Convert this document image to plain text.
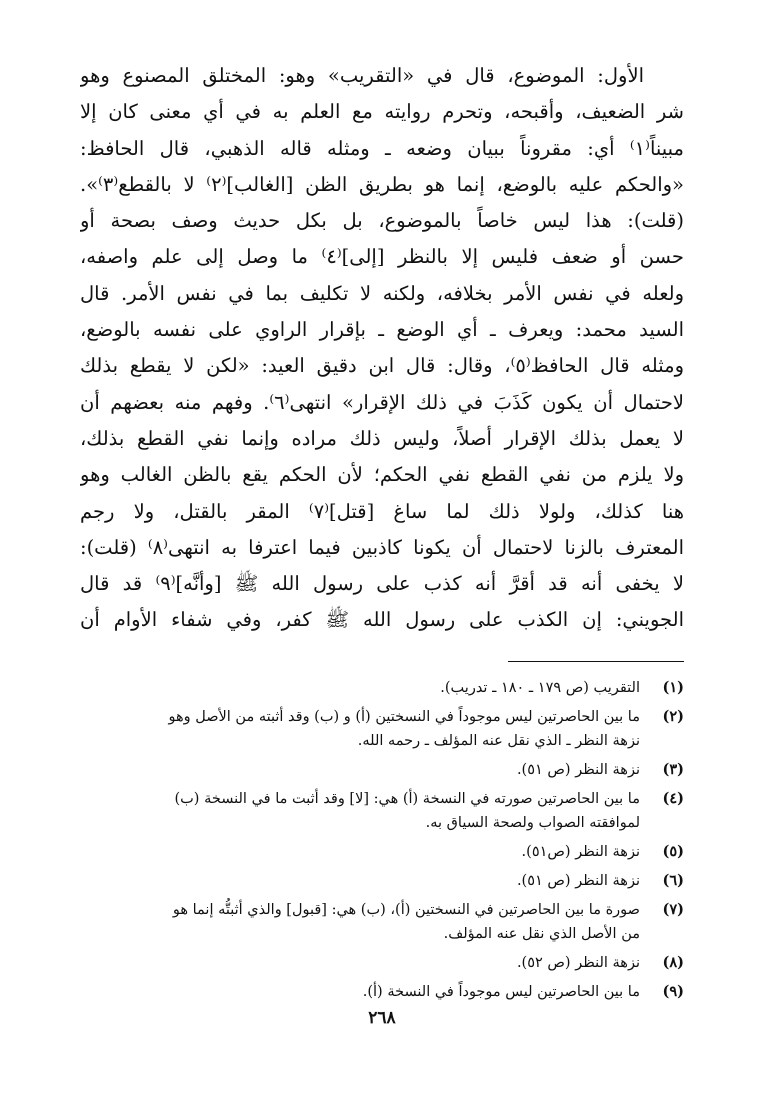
الأول: الموضوع، قال في «التقريب» وهو: المختلق المصنوع وهو
شر الضعيف، وأقبحه، وتحرم روايته مع العلم به في أي معنى كان إلا
مبيناً⁽١⁾ أي: مقروناً ببيان وضعه ـ ومثله قاله الذهبي، قال الحافظ:
«والحكم عليه بالوضع، إنما هو بطريق الظن [الغالب]⁽٢⁾ لا بالقطع⁽٣⁾».
(قلت): هذا ليس خاصاً بالموضوع، بل بكل حديث وصف بصحة أو
حسن أو ضعف فليس إلا بالنظر [إلى]⁽٤⁾ ما وصل إلى علم واصفه،
ولعله في نفس الأمر بخلافه، ولكنه لا تكليف بما في نفس الأمر. قال
السيد محمد: ويعرف ـ أي الوضع ـ بإقرار الراوي على نفسه بالوضع،
ومثله قال الحافظ⁽٥⁾، وقال: قال ابن دقيق العيد: «لكن لا يقطع بذلك
لاحتمال أن يكون كَذَبَ في ذلك الإقرار» انتهى⁽٦⁾. وفهم منه بعضهم أن
لا يعمل بذلك الإقرار أصلاً، وليس ذلك مراده وإنما نفي القطع بذلك،
ولا يلزم من نفي القطع نفي الحكم؛ لأن الحكم يقع بالظن الغالب وهو
هنا كذلك، ولولا ذلك لما ساغ [قتل]⁽٧⁾ المقر بالقتل، ولا رجم
المعترف بالزنا لاحتمال أن يكونا كاذبين فيما اعترفا به انتهى⁽٨⁾ (قلت):
لا يخفى أنه قد أقرَّ أنه كذب على رسول الله ﷺ [وأنَّه]⁽٩⁾ قد قال
الجويني: إن الكذب على رسول الله ﷺ كفر، وفي شفاء الأوام أن
(١)
التقريب (ص ١٧٩ ـ ١٨٠ ـ تدريب).
(٢)
ما بين الحاصرتين ليس موجوداً في النسختين (أ) و (ب) وقد أثبته من الأصل وهو
نزهة النظر ـ الذي نقل عنه المؤلف ـ رحمه الله.
(٣)
نزهة النظر (ص ٥١).
(٤)
ما بين الحاصرتين صورته في النسخة (أ) هي: [لا] وقد أثبت ما في النسخة (ب)
لموافقته الصواب ولصحة السياق به.
(٥)
نزهة النظر (ص٥١).
(٦)
نزهة النظر (ص ٥١).
(٧)
صورة ما بين الحاصرتين في النسختين (أ)، (ب) هي: [قبول] والذي أثبتُّه إنما هو
من الأصل الذي نقل عنه المؤلف.
(٨)
نزهة النظر (ص ٥٢).
(٩)
ما بين الحاصرتين ليس موجوداً في النسخة (أ).
٢٦٨
